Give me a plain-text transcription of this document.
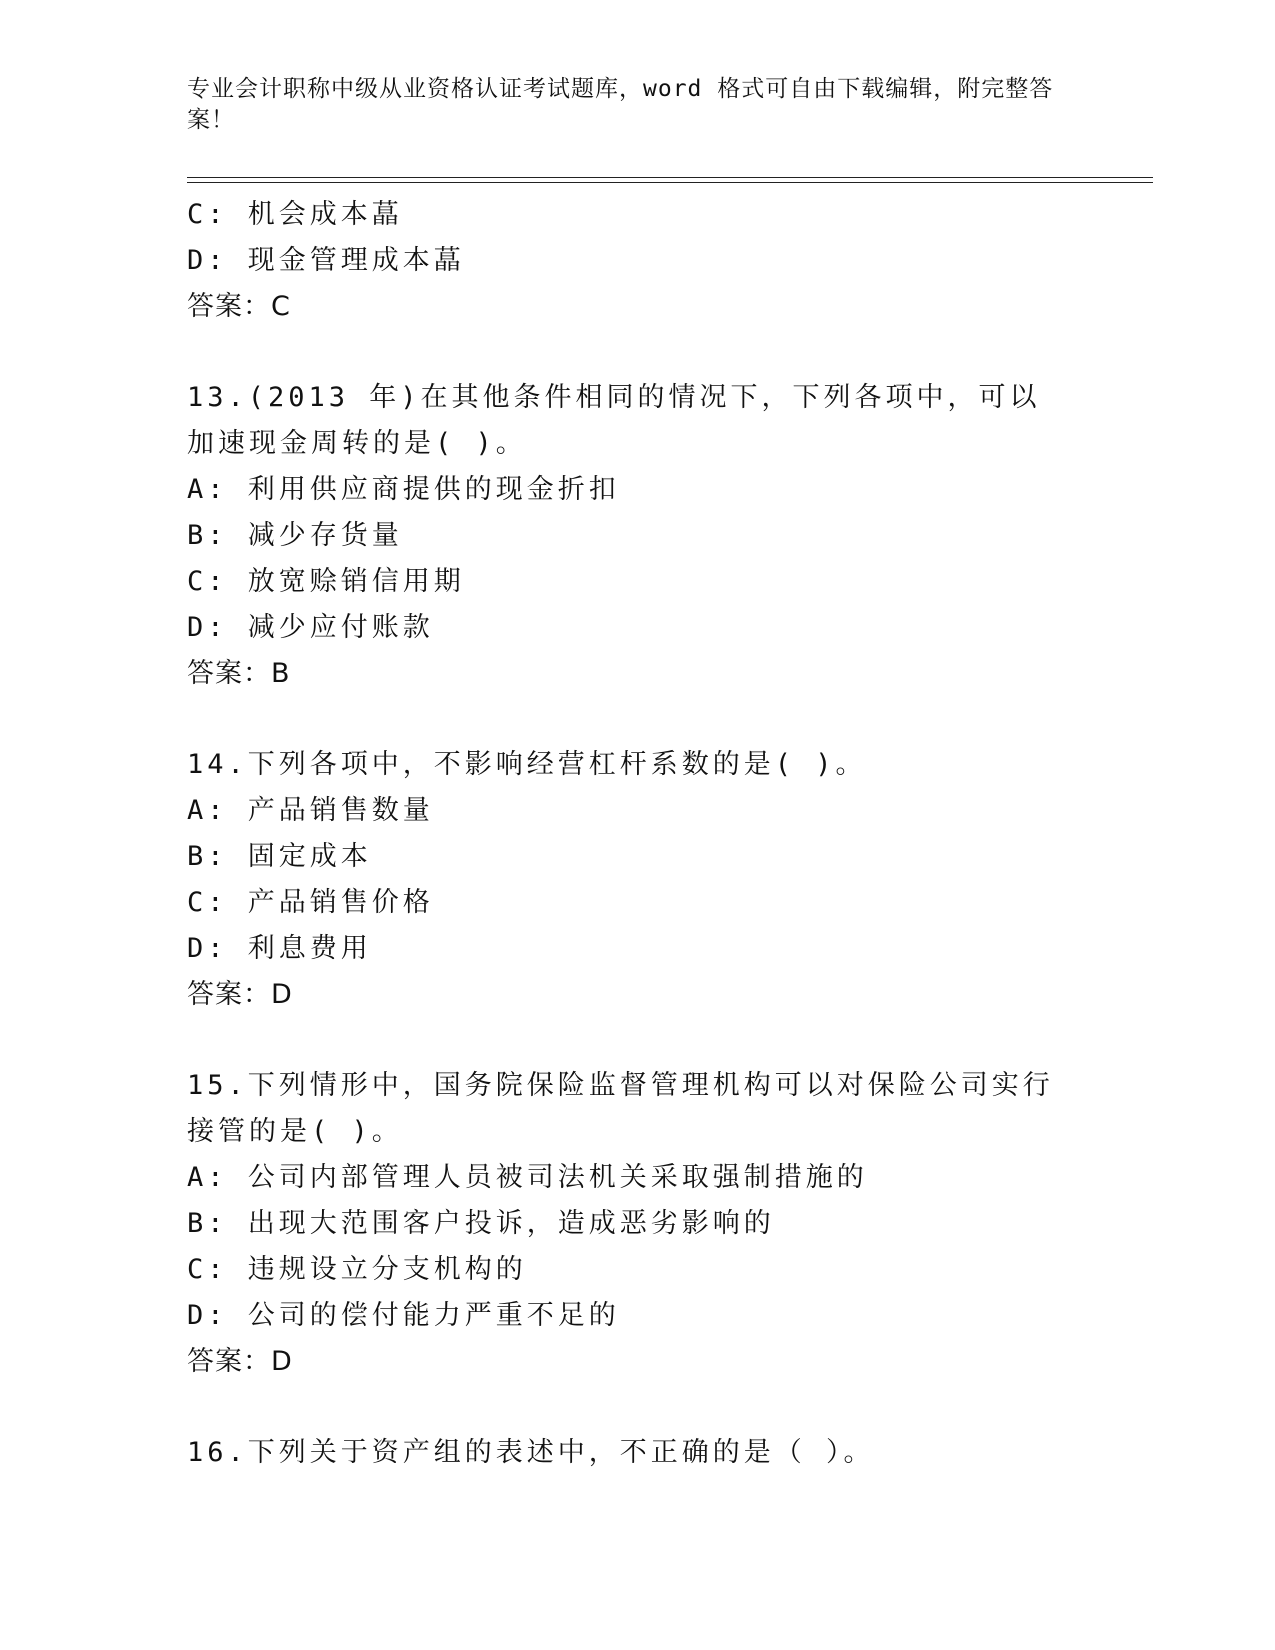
专业会计职称中级从业资格认证考试题库，word 格式可自由下载编辑，附完整答案！
C: 机会成本蕌
D: 现金管理成本蕌
答案：C
13.(2013 年)在其他条件相同的情况下，下列各项中，可以加速现金周转的是( )。
A: 利用供应商提供的现金折扣
B: 减少存货量
C: 放宽赊销信用期
D: 减少应付账款
答案：B
14.下列各项中，不影响经营杠杆系数的是( )。
A: 产品销售数量
B: 固定成本
C: 产品销售价格
D: 利息费用
答案：D
15.下列情形中，国务院保险监督管理机构可以对保险公司实行接管的是( )。
A: 公司内部管理人员被司法机关采取强制措施的
B: 出现大范围客户投诉，造成恶劣影响的
C: 违规设立分支机构的
D: 公司的偿付能力严重不足的
答案：D
16.下列关于资产组的表述中，不正确的是（ ）。
